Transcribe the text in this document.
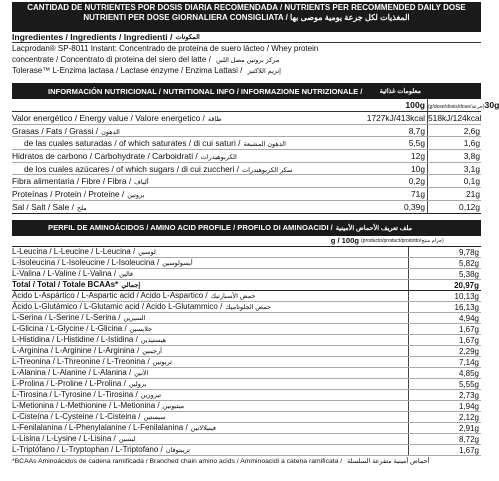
CANTIDAD DE NUTRIENTES POR DOSIS DIARIA RECOMENDADA / NUTRIENTS PER RECOMMENDED DAILY DOSE
NUTRIENTI PER DOSE GIORNALIERA CONSIGLIATA / المغذيات لكل جرعة يومية موصى بها
Ingredientes / Ingredients / Ingredienti / المكونات
Lacprodan® SP-8011 Instant: Concentrado de proteína de suero lácteo / Whey protein
concentrate / Concentrato di proteina del siero del latte / مركز بروتين مصل اللبن
Tolerase™ L-Enzima lactasa / Lactase enzyme / Enzima Lattasi / إنزيم اللاكتيز
INFORMACIÓN NUTRICIONAL / NUTRITIONAL INFO / INFORMAZIONE NUTRIZIONALE /	معلومات غذائية
100g (g/dose/dosis/dose/جرعة)30g
Valor energético / Energy value / Valore energetico / طاقة	1727kJ/413kcal 518kJ/124kcal
Grasas / Fats / Grassi / الدهون	8,7g	2,6g
de las cuales saturadas / of which saturates / di cui saturi / الدهون المشبعة	5,5g	1,6g
Hidratos de carbono / Carbohydrate / Carboidrati / الكربوهيدرات	12g	3,8g
de los cuales azúcares / of which sugars / di cui zuccheri / سكر الكربوهيدرات	10g	3,1g
Fibra alimentaria / Fibre / Fibra / ألياف	0,2g	0,1g
Proteínas / Protein / Proteine / بروتين	71g	21g
Sal / Salt / Sale / ملح	0,39g	0,12g
PERFIL DE AMINOÁCIDOS / AMINO ACID PROFILE / PROFILO DI AMINOACIDI / ملف تعريف الأحماض الأمينية
g / 100g (producto/product/prodotto/جرام منتج)
L-Leucina / L-Leucine / L-Leucina / لوسين	9,78g
L-Isoleucina / L-Isoleucine / L-Isoleucina / أيسولوسين	5,82g
L-Valina / L-Valine / L-Valina / فالين	5,38g
Total / Total / Totale BCAAs* إجمالي	20,97g
Ácido L-Aspártico / L-Aspartic acid / Acido L-Aspartico / حمض الأسبارتيك	10,13g
Ácido L-Glutámico / L-Glutamic acid / Acido L-Glutammico / حمض الجلوتاميك	16,13g
L-Serina / L-Serine / L-Serina / السيرين	4,94g
L-Glicina / L-Glycine / L-Glicina / جلايسين	1,67g
L-Histidina / L-Histidine / L-Istidina / هيستيدين	1,67g
L-Arginina / L-Arginine / L-Arginina / آرجينين	2,29g
L-Treonina / L-Threonine / L-Treonina / ثريونين	7,14g
L-Alanina / L-Alanine / L-Alanina / الآنين	4,85g
L-Prolina / L-Proline / L-Prolina / برولين	5,55g
L-Tirosina / L-Tyrosine / L-Tirosina / تيروزين	2,73g
L-Metionina / L-Methionine / L-Metionina / ميثيونين	1,94g
L-Cisteína / L-Cysteine / L-Cisteina / سيستين	2,12g
L-Fenilalanina / L-Phenylalanine / L-Fenilalanina / فينيلالانين	2,91g
L-Lisina / L-Lysine / L-Lisina / ليسين	8,72g
L-Triptófano / L-Tryptophan / L-Triptofano / تريبتوفان	1,67g
*BCAAs Aminoácidos de cadena ramificada / Branched chain amino acids / Amminoacidi a catena ramificata / أحماض أمينية متفرعة السلسلة
